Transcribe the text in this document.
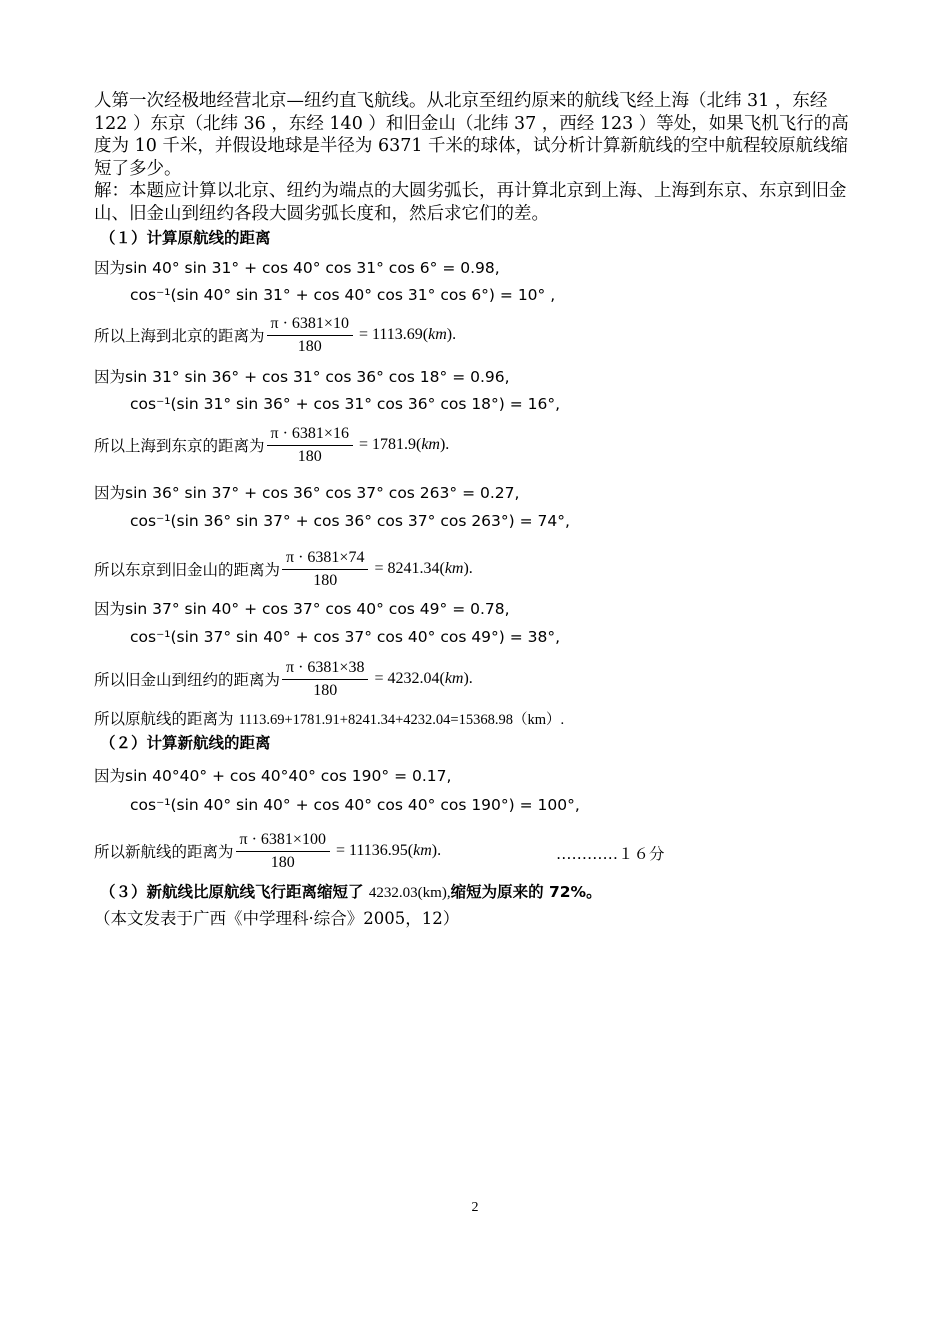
人第一次经极地经营北京—纽约直飞航线。从北京至纽约原来的航线飞经上海（北纬 31 ，东经 122 ）东京（北纬 36 ，东经 140 ）和旧金山（北纬 37 ，西经 123 ）等处，如果飞机飞行的高度为 10 千米，并假设地球是半径为 6371 千米的球体，试分析计算新航线的空中航程较原航线缩短了多少。

解：本题应计算以北京、纽约为端点的大圆劣弧长，再计算北京到上海、上海到东京、东京到旧金山、旧金山到纽约各段大圆劣弧长度和，然后求它们的差。

（１）计算原航线的距离
因为sin 40° sin 31° + cos 40° cos 31° cos 6° = 0.98,
cos⁻¹(sin 40° sin 31° + cos 40° cos 31° cos 6°) = 10° ,
所以上海到北京的距离为 $\frac{\pi \cdot 6381\times 10}{180} = 1113.69$( km ).
因为sin 31° sin 36° + cos 31° cos 36° cos 18° = 0.96,
cos⁻¹(sin 31° sin 36° + cos 31° cos 36° cos 18°) = 16°,
所以上海到东京的距离为 $\frac{\pi \cdot 6381\times 16}{180} = 1781.9$( km ).
因为sin 36° sin 37° + cos 36° cos 37° cos 263° = 0.27,
cos⁻¹(sin 36° sin 37° + cos 36° cos 37° cos 263°) = 74°,
所以东京到旧金山的距离为 $\frac{\pi \cdot 6381\times 74}{180} = 8241.34$( km ).
因为sin 37° sin 40° + cos 37° cos 40° cos 49° = 0.78,
cos⁻¹(sin 37° sin 40° + cos 37° cos 40° cos 49°) = 38°,
所以旧金山到纽约的距离为 $\frac{\pi \cdot 6381\times 38}{180} = 4232.04$( km ).
所以原航线的距离为 1113.69+1781.91+8241.34+4232.04=15368.98（km）.
（２）计算新航线的距离
因为sin 40°40° + cos 40°40° cos 190° = 0.17,
cos⁻¹(sin 40° sin 40° + cos 40° cos 40° cos 190°) = 100°,
所以新航线的距离为 $\frac{\pi \cdot 6381\times 100}{180} = 11136.95$( km ).	…………１６分
（３）新航线比原航线飞行距离缩短了 4232.03(km),缩短为原来的 72%。
（本文发表于广西《中学理科·综合》2005，12）
2
